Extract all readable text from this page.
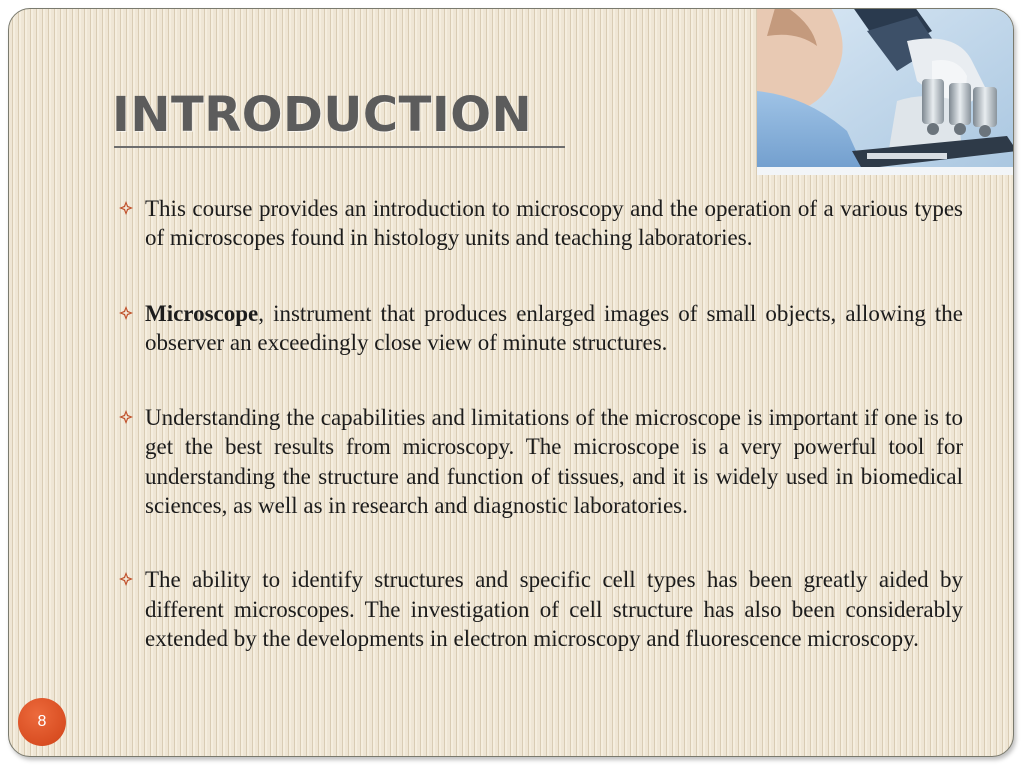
INTRODUCTION
This course provides an introduction to microscopy and the operation of a various types of microscopes found in histology units and teaching laboratories.
Microscope, instrument that produces enlarged images of small objects, allowing the observer an exceedingly close view of minute structures.
Understanding the capabilities and limitations of the microscope is important if one is to get the best results from microscopy. The microscope is a very powerful tool for understanding the structure and function of tissues, and it is widely used in biomedical sciences, as well as in research and diagnostic laboratories.
The ability to identify structures and specific cell types has been greatly aided by different microscopes. The investigation of cell structure has also been considerably extended by the developments in electron microscopy and fluorescence microscopy.
8
